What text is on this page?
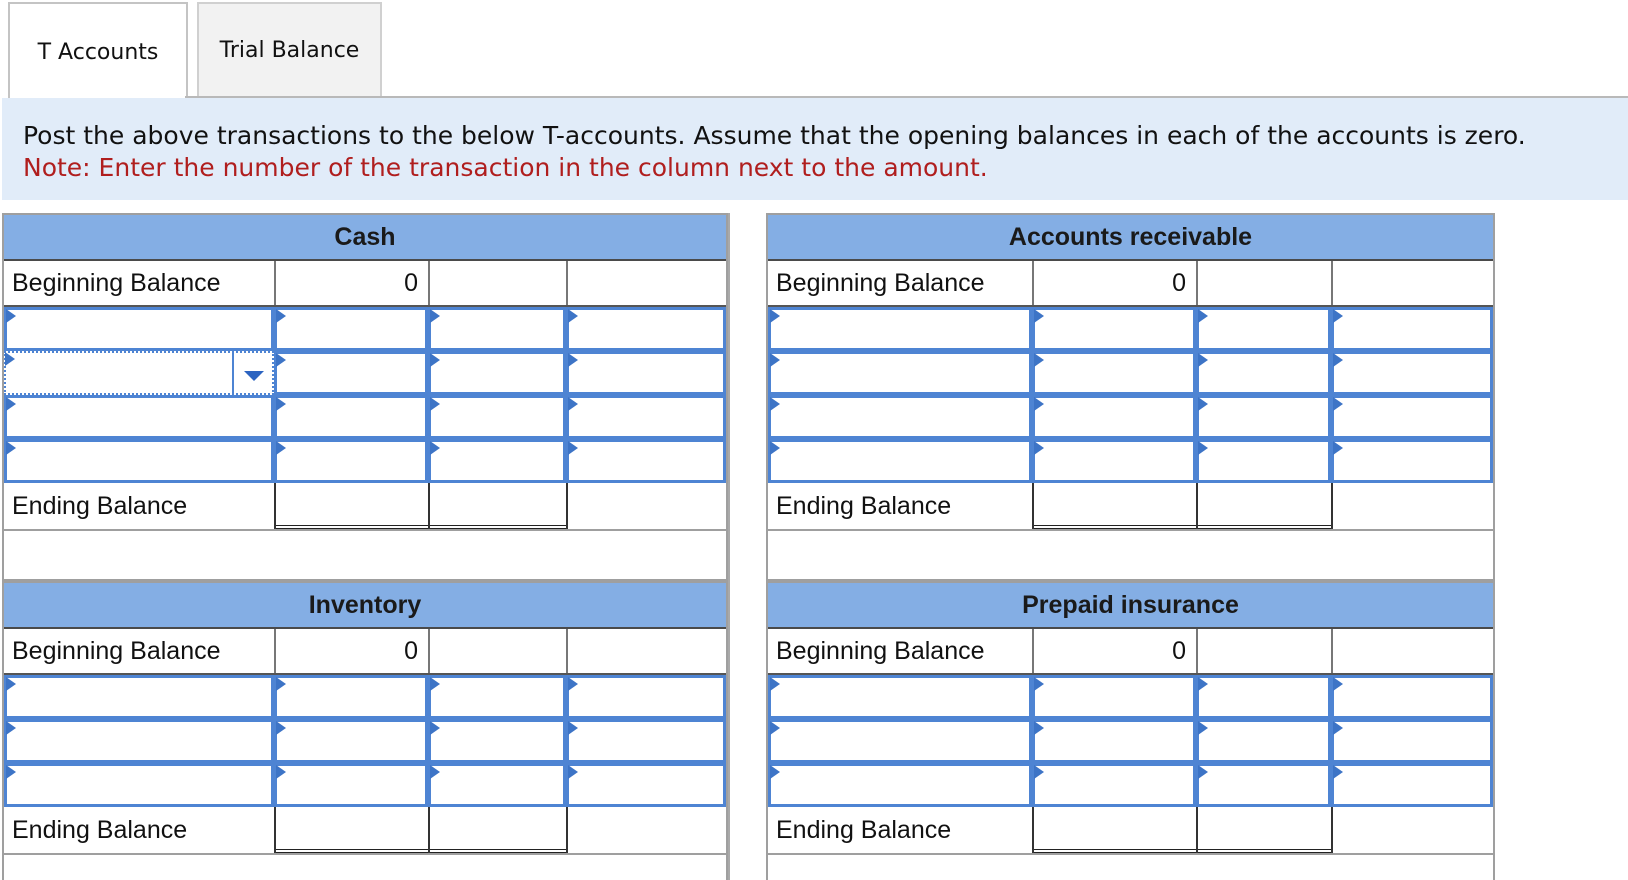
T Accounts	Trial Balance
Post the above transactions to the below T-accounts. Assume that the opening balances in each of the accounts is zero.
Note: Enter the number of the transaction in the column next to the amount.
Cash
Beginning Balance	0
Ending Balance
Accounts receivable
Beginning Balance	0
Ending Balance
Inventory
Beginning Balance	0
Ending Balance
Prepaid insurance
Beginning Balance	0
Ending Balance
